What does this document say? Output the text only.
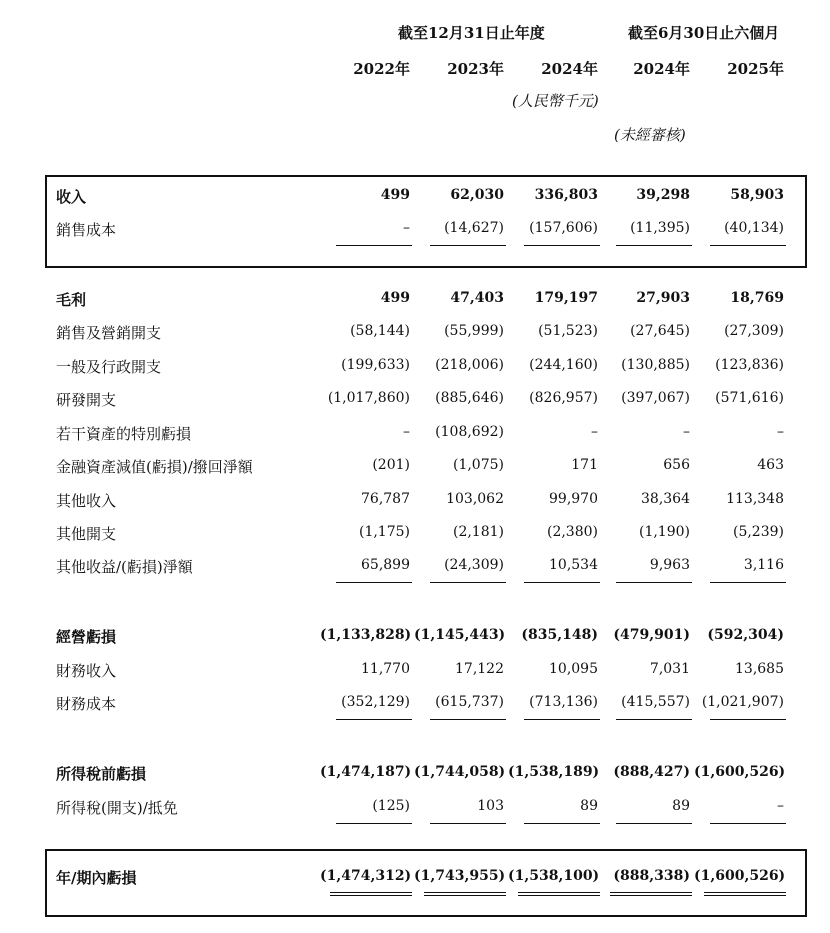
截至12月31日止年度	截至6月30日止六個月
2022年 2023年 2024年 2024年 2025年
(人民幣千元)
(未經審核)
收入	499	62,030	336,803	39,298	58,903
銷售成本	–	(14,627)	(157,606)	(11,395)	(40,134)
毛利	499	47,403	179,197	27,903	18,769
銷售及營銷開支	(58,144)	(55,999)	(51,523)	(27,645)	(27,309)
一般及行政開支	(199,633)	(218,006)	(244,160)	(130,885)	(123,836)
研發開支	(1,017,860)	(885,646)	(826,957)	(397,067)	(571,616)
若干資產的特別虧損	–	(108,692)	–	–	–
金融資產減值(虧損)/撥回淨額	(201)	(1,075)	171	656	463
其他收入	76,787	103,062	99,970	38,364	113,348
其他開支	(1,175)	(2,181)	(2,380)	(1,190)	(5,239)
其他收益/(虧損)淨額	65,899	(24,309)	10,534	9,963	3,116
經營虧損	(1,133,828) (1,145,443)	(835,148)	(479,901)	(592,304)
財務收入	11,770	17,122	10,095	7,031	13,685
財務成本	(352,129)	(615,737)	(713,136)	(415,557) (1,021,907)
所得稅前虧損	(1,474,187) (1,744,058) (1,538,189)	(888,427) (1,600,526)
所得稅(開支)/抵免	(125)	103	89	89	–
年/期內虧損	(1,474,312) (1,743,955) (1,538,100)	(888,338) (1,600,526)
